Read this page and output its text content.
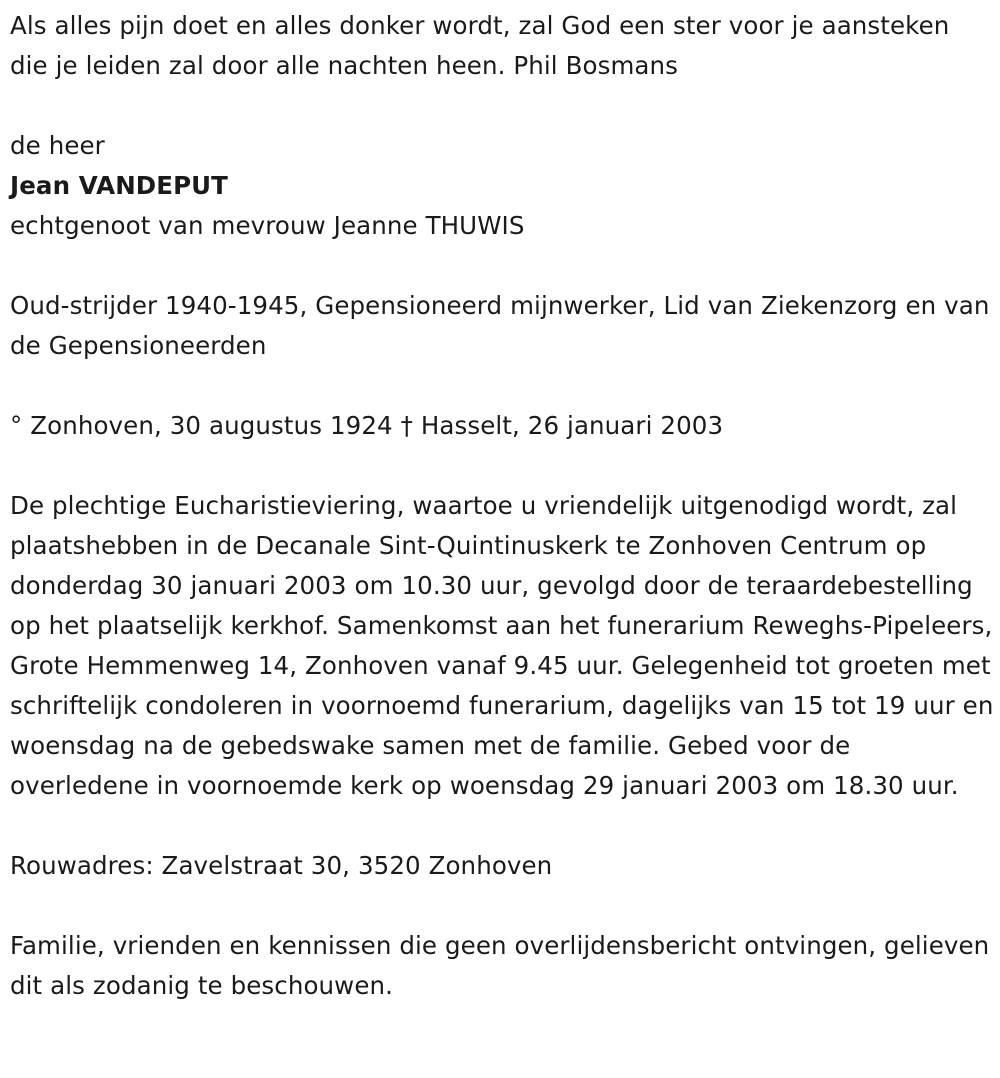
Als alles pijn doet en alles donker wordt, zal God een ster voor je aansteken die je leiden zal door alle nachten heen. Phil Bosmans

de heer

Jean VANDEPUT

echtgenoot van mevrouw Jeanne THUWIS

Oud-strijder 1940-1945, Gepensioneerd mijnwerker, Lid van Ziekenzorg en van de Gepensioneerden

° Zonhoven, 30 augustus 1924 † Hasselt, 26 januari 2003

De plechtige Eucharistieviering, waartoe u vriendelijk uitgenodigd wordt, zal plaatshebben in de Decanale Sint-Quintinuskerk te Zonhoven Centrum op donderdag 30 januari 2003 om 10.30 uur, gevolgd door de teraardebestelling op het plaatselijk kerkhof. Samenkomst aan het funerarium Reweghs-Pipeleers, Grote Hemmenweg 14, Zonhoven vanaf 9.45 uur. Gelegenheid tot groeten met schriftelijk condoleren in voornoemd funerarium, dagelijks van 15 tot 19 uur en woensdag na de gebedswake samen met de familie. Gebed voor de overledene in voornoemde kerk op woensdag 29 januari 2003 om 18.30 uur.

Rouwadres: Zavelstraat 30, 3520 Zonhoven

Familie, vrienden en kennissen die geen overlijdensbericht ontvingen, gelieven dit als zodanig te beschouwen.
